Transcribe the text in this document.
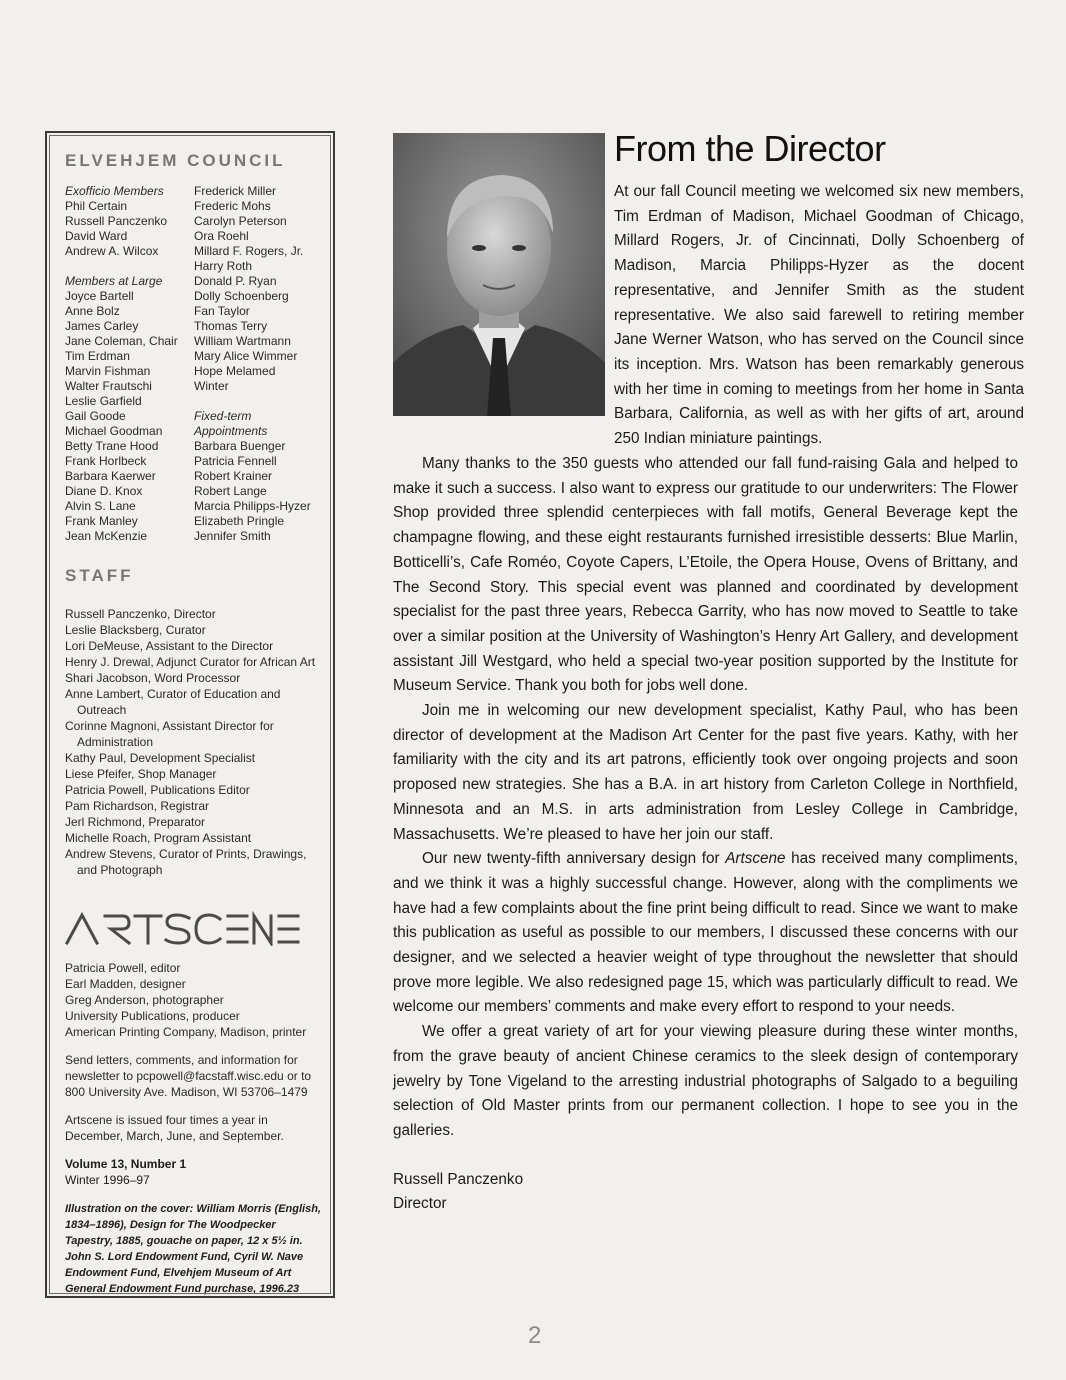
ELVEHJEM COUNCIL
Exofficio Members
Phil Certain
Russell Panczenko
David Ward
Andrew A. Wilcox
Members at Large
Joyce Bartell
Anne Bolz
James Carley
Jane Coleman, Chair
Tim Erdman
Marvin Fishman
Walter Frautschi
Leslie Garfield
Gail Goode
Michael Goodman
Betty Trane Hood
Frank Horlbeck
Barbara Kaerwer
Diane D. Knox
Alvin S. Lane
Frank Manley
Jean McKenzie
Frederick Miller
Frederic Mohs
Carolyn Peterson
Ora Roehl
Millard F. Rogers, Jr.
Harry Roth
Donald P. Ryan
Dolly Schoenberg
Fan Taylor
Thomas Terry
William Wartmann
Mary Alice Wimmer
Hope Melamed
Winter
Fixed-term
Appointments
Barbara Buenger
Patricia Fennell
Robert Krainer
Robert Lange
Marcia Philipps-Hyzer
Elizabeth Pringle
Jennifer Smith
STAFF
Russell Panczenko, Director
Leslie Blacksberg, Curator
Lori DeMeuse, Assistant to the Director
Henry J. Drewal, Adjunct Curator for African Art
Shari Jacobson, Word Processor
Anne Lambert, Curator of Education and Outreach
Corinne Magnoni, Assistant Director for Administration
Kathy Paul, Development Specialist
Liese Pfeifer, Shop Manager
Patricia Powell, Publications Editor
Pam Richardson, Registrar
Jerl Richmond, Preparator
Michelle Roach, Program Assistant
Andrew Stevens, Curator of Prints, Drawings, and Photograph
Patricia Powell, editor
Earl Madden, designer
Greg Anderson, photographer
University Publications, producer
American Printing Company, Madison, printer
Send letters, comments, and information for newsletter to pcpowell@facstaff.wisc.edu or to 800 University Ave. Madison, WI 53706–1479
Artscene is issued four times a year in December, March, June, and September.
Volume 13, Number 1
Winter 1996–97
Illustration on the cover: William Morris (English, 1834–1896), Design for The Woodpecker Tapestry, 1885, gouache on paper, 12 x 5½ in. John S. Lord Endowment Fund, Cyril W. Nave Endowment Fund, Elvehjem Museum of Art General Endowment Fund purchase, 1996.23
From the Director

At our fall Council meeting we welcomed six new members, Tim Erdman of Madison, Michael Goodman of Chicago, Millard Rogers, Jr. of Cincinnati, Dolly Schoenberg of Madison, Marcia Philipps-Hyzer as the docent representative, and Jennifer Smith as the student representative. We also said farewell to retiring member Jane Werner Watson, who has served on the Council since its inception. Mrs. Watson has been remarkably generous with her time in coming to meetings from her home in Santa Barbara, California, as well as with her gifts of art, around 250 Indian miniature paintings.

Many thanks to the 350 guests who attended our fall fund-raising Gala and helped to make it such a success. I also want to express our gratitude to our underwriters: The Flower Shop provided three splendid centerpieces with fall motifs, General Beverage kept the champagne flowing, and these eight restaurants furnished irresistible desserts: Blue Marlin, Botticelli’s, Cafe Roméo, Coyote Capers, L’Etoile, the Opera House, Ovens of Brittany, and The Second Story. This special event was planned and coordinated by development specialist for the past three years, Rebecca Garrity, who has now moved to Seattle to take over a similar position at the University of Washington’s Henry Art Gallery, and development assistant Jill Westgard, who held a special two-year position supported by the Institute for Museum Service. Thank you both for jobs well done.

Join me in welcoming our new development specialist, Kathy Paul, who has been director of development at the Madison Art Center for the past five years. Kathy, with her familiarity with the city and its art patrons, efficiently took over ongoing projects and soon proposed new strategies. She has a B.A. in art history from Carleton College in Northfield, Minnesota and an M.S. in arts administration from Lesley College in Cambridge, Massachusetts. We’re pleased to have her join our staff.

Our new twenty-fifth anniversary design for Artscene has received many compliments, and we think it was a highly successful change. However, along with the compliments we have had a few complaints about the fine print being difficult to read. Since we want to make this publication as useful as possible to our members, I discussed these concerns with our designer, and we selected a heavier weight of type throughout the newsletter that should prove more legible. We also redesigned page 15, which was particularly difficult to read. We welcome our members’ comments and make every effort to respond to your needs.

We offer a great variety of art for your viewing pleasure during these winter months, from the grave beauty of ancient Chinese ceramics to the sleek design of contemporary jewelry by Tone Vigeland to the arresting industrial photographs of Salgado to a beguiling selection of Old Master prints from our permanent collection. I hope to see you in the galleries.

Russell Panczenko
Director

2
